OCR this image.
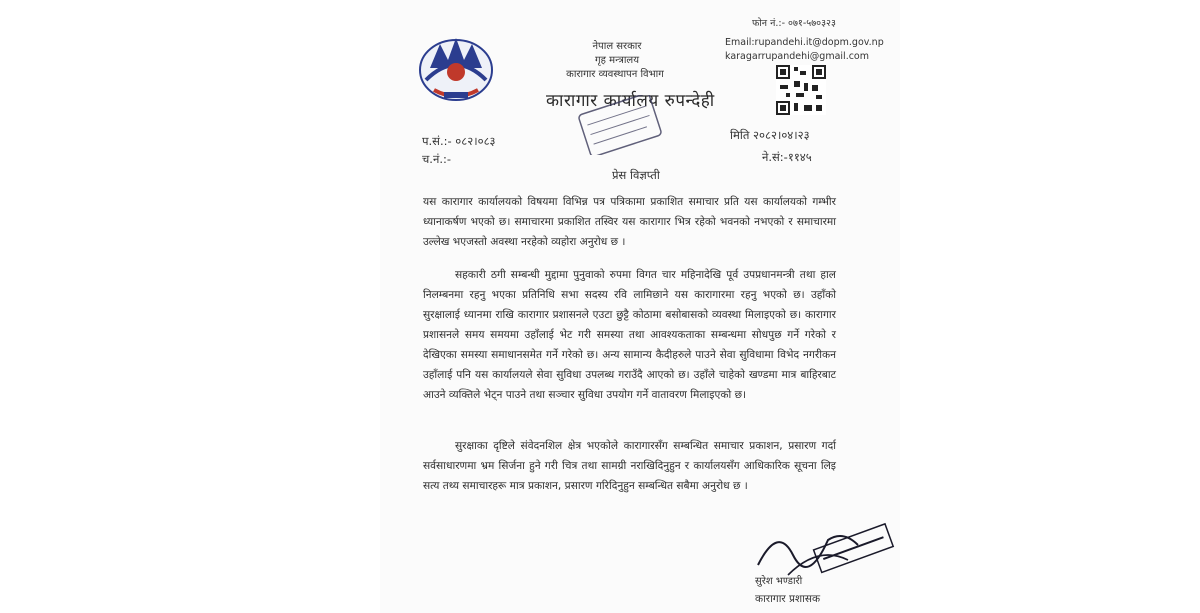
नेपाल सरकार
गृह मन्त्रालय
कारागार व्यवस्थापन विभाग
कारागार कार्यालय रुपन्देही
फोन नं.:- ०७१-५७०३२३
Email:rupandehi.it@dopm.gov.np
karagarrupandehi@gmail.com
प.सं.:- ०८२।०८३
च.नं.:-
मिति २०८२।०४।२३
ने.सं:-११४५
प्रेस विज्ञप्ती
यस कारागार कार्यालयको विषयमा विभिन्न पत्र पत्रिकामा प्रकाशित समाचार प्रति यस कार्यालयको गम्भीर ध्यानाकर्षण भएको छ। समाचारमा प्रकाशित तस्विर यस कारागार भित्र रहेको भवनको नभएको र समाचारमा उल्लेख भएजस्तो अवस्था नरहेको व्यहोरा अनुरोध छ ।
सहकारी ठगी सम्बन्धी मुद्दामा पुनुवाको रुपमा विगत चार महिनादेखि पूर्व उपप्रधानमन्त्री तथा हाल निलम्बनमा रहनु भएका प्रतिनिधि सभा सदस्य रवि लामिछाने यस कारागारमा रहनु भएको छ। उहाँको सुरक्षालाई ध्यानमा राखि कारागार प्रशासनले एउटा छुट्टै कोठामा बसोबासको व्यवस्था मिलाइएको छ। कारागार प्रशासनले समय समयमा उहाँलाई भेट गरी समस्या तथा आवश्यकताका सम्बन्धमा सोधपुछ गर्ने गरेको र देखिएका समस्या समाधानसमेत गर्ने गरेको छ। अन्य सामान्य कैदीहरुले पाउने सेवा सुविधामा विभेद नगरीकन उहाँलाई पनि यस कार्यालयले सेवा सुविधा उपलब्ध गराउँदै आएको छ। उहाँले चाहेको खण्डमा मात्र बाहिरबाट आउने व्यक्तिले भेट्न पाउने तथा सञ्चार सुविधा उपयोग गर्ने वातावरण मिलाइएको छ।
सुरक्षाका दृष्टिले संवेदनशिल क्षेत्र भएकोले कारागारसँग सम्बन्धित समाचार प्रकाशन, प्रसारण गर्दा सर्वसाधारणमा भ्रम सिर्जना हुने गरी चित्र तथा सामग्री नराखिदिनुहुन र कार्यालयसँग आधिकारिक सूचना लिइ सत्य तथ्य समाचारहरू मात्र प्रकाशन, प्रसारण गरिदिनुहुन सम्बन्धित सबैमा अनुरोध छ ।
सुरेश भण्डारी
कारागार प्रशासक
